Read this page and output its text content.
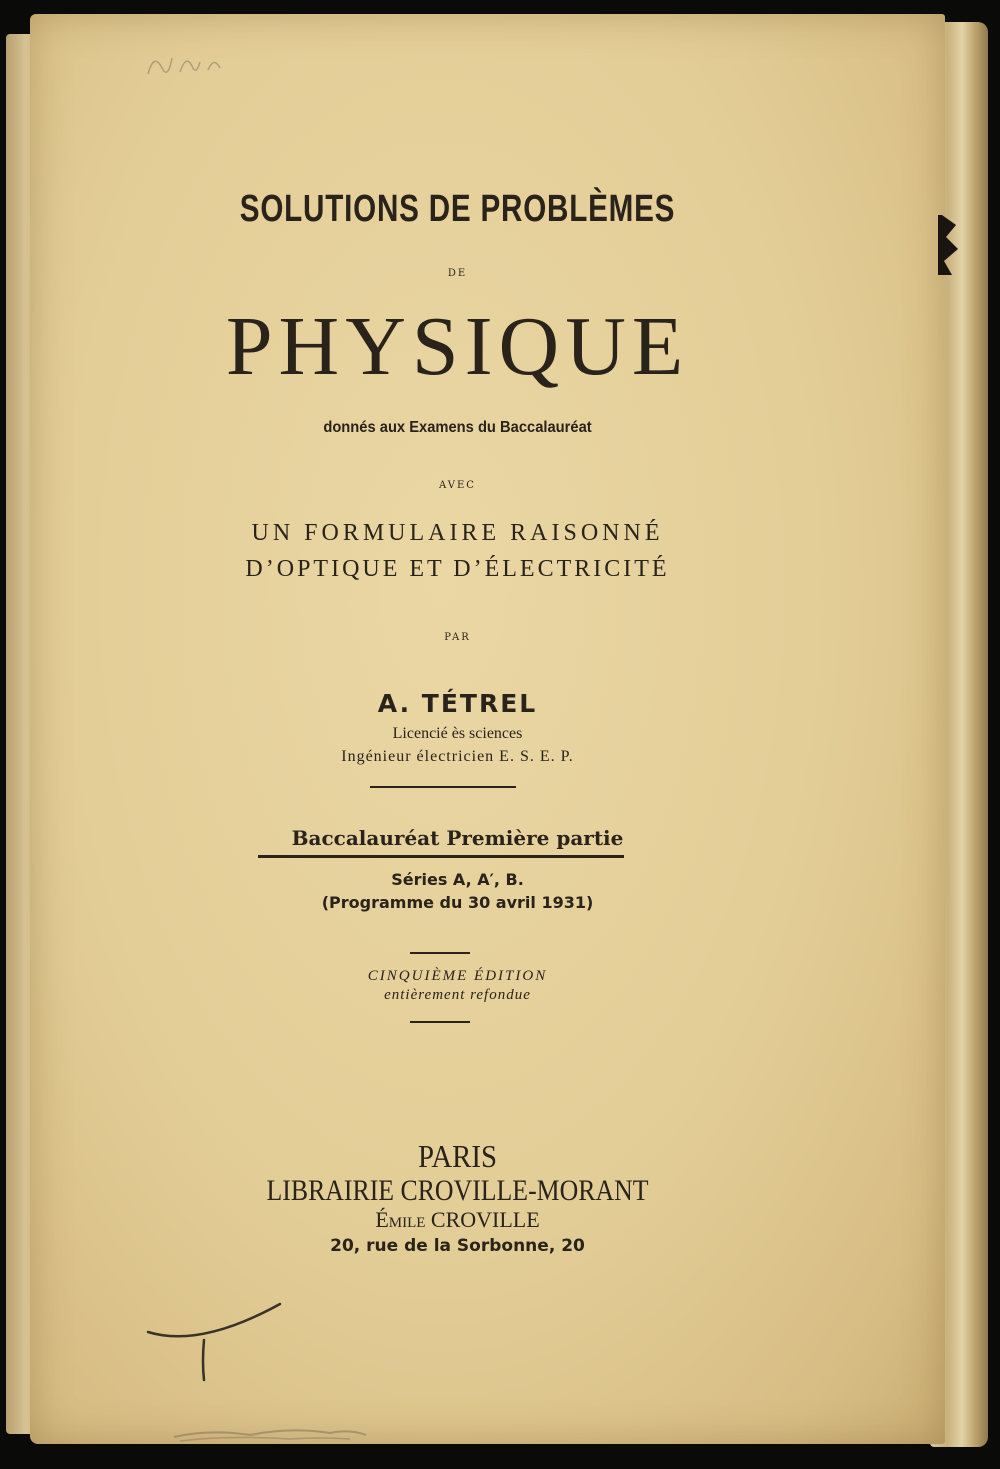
SOLUTIONS DE PROBLÈMES
DE
PHYSIQUE
donnés aux Examens du Baccalauréat
AVEC
UN FORMULAIRE RAISONNÉ
D’OPTIQUE ET D’ÉLECTRICITÉ
PAR
A. TÉTREL
Licencié ès sciences
Ingénieur électricien E. S. E. P.
Baccalauréat Première partie
Séries A, A′, B.
(Programme du 30 avril 1931)
CINQUIÈME ÉDITION
entièrement refondue
PARIS
LIBRAIRIE CROVILLE-MORANT
Émile CROVILLE
20, rue de la Sorbonne, 20
